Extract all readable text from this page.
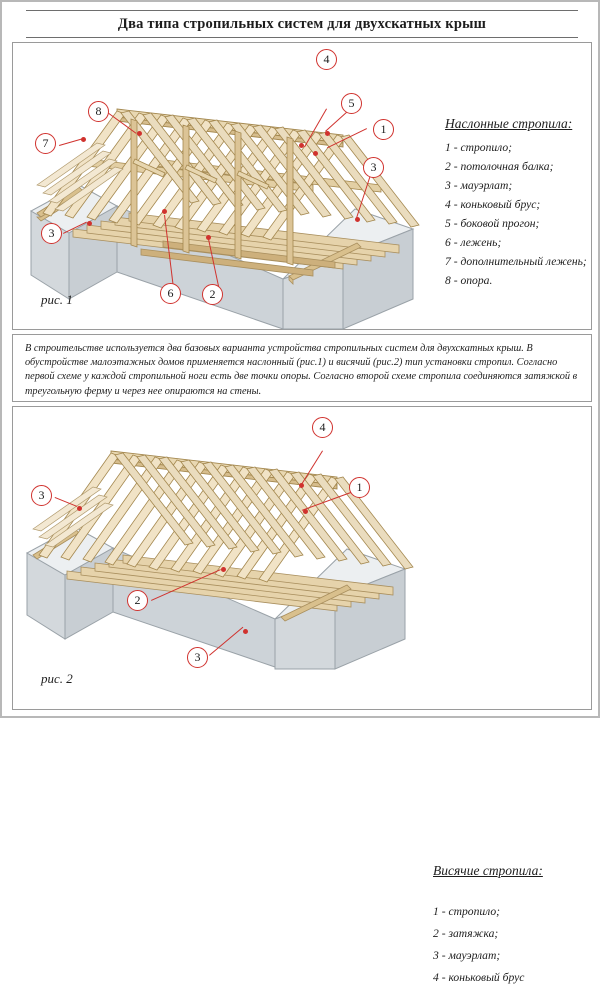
Два типа стропильных систем для двухскатных крыш
4
5
8
1
7
3
3
6	2
рис. 1
Наслонные стропила:
1 - стропило;
2 - потолочная балка;
3 - мауэрлат;
4 - коньковый брус;
5 - боковой прогон;
6 - лежень;
7 - дополнительный лежень;
8 - опора.
В строительстве используется два базовых варианта устройства стропильных систем для двухскатных крыш. В обустройстве малоэтажных домов применяется наслонный (рис.1) и висячий (рис.2) тип установки стропил. Согласно первой схеме у каждой стропильной ноги есть две точки опоры. Согласно второй схеме стропила соединяются затяжкой в треугольную ферму и через нее опираются на стены.
4
1
3
2
3
рис. 2
Висячие стропила:
1 - стропило;
2 - затяжка;
3 - мауэрлат;
4 - коньковый брус
